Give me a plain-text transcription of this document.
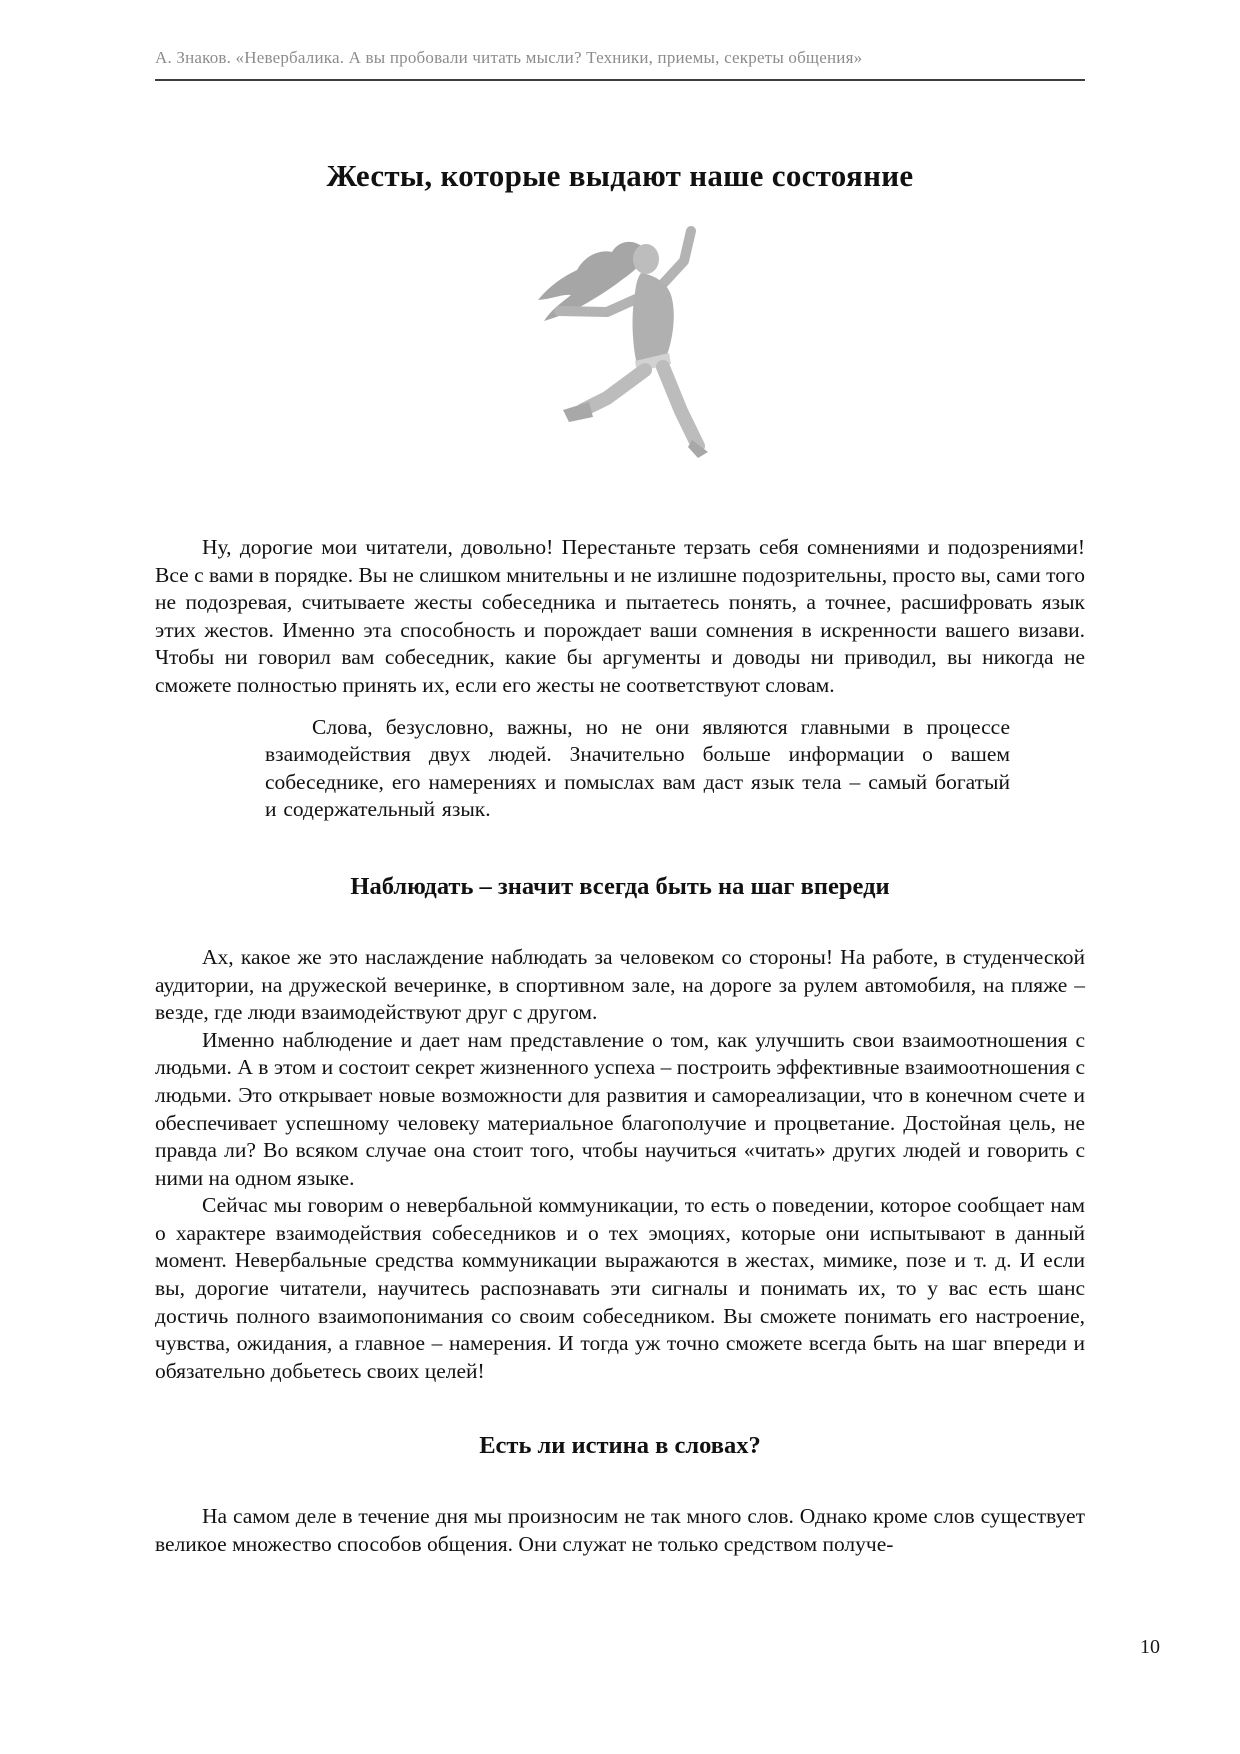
А. Знаков. «Невербалика. А вы пробовали читать мысли? Техники, приемы, секреты общения»
Жесты, которые выдают наше состояние

Ну, дорогие мои читатели, довольно! Перестаньте терзать себя сомнениями и подозрениями! Все с вами в порядке. Вы не слишком мнительны и не излишне подозрительны, просто вы, сами того не подозревая, считываете жесты собеседника и пытаетесь понять, а точнее, расшифровать язык этих жестов. Именно эта способность и порождает ваши сомнения в искренности вашего визави. Чтобы ни говорил вам собеседник, какие бы аргументы и доводы ни приводил, вы никогда не сможете полностью принять их, если его жесты не соответствуют словам.

Слова, безусловно, важны, но не они являются главными в процессе взаимодействия двух людей. Значительно больше информации о вашем собеседнике, его намерениях и помыслах вам даст язык тела – самый богатый и содержательный язык.

Наблюдать – значит всегда быть на шаг впереди

Ах, какое же это наслаждение наблюдать за человеком со стороны! На работе, в студенческой аудитории, на дружеской вечеринке, в спортивном зале, на дороге за рулем автомобиля, на пляже – везде, где люди взаимодействуют друг с другом.

Именно наблюдение и дает нам представление о том, как улучшить свои взаимоотношения с людьми. А в этом и состоит секрет жизненного успеха – построить эффективные взаимоотношения с людьми. Это открывает новые возможности для развития и самореализации, что в конечном счете и обеспечивает успешному человеку материальное благополучие и процветание. Достойная цель, не правда ли? Во всяком случае она стоит того, чтобы научиться «читать» других людей и говорить с ними на одном языке.

Сейчас мы говорим о невербальной коммуникации, то есть о поведении, которое сообщает нам о характере взаимодействия собеседников и о тех эмоциях, которые они испытывают в данный момент. Невербальные средства коммуникации выражаются в жестах, мимике, позе и т. д. И если вы, дорогие читатели, научитесь распознавать эти сигналы и понимать их, то у вас есть шанс достичь полного взаимопонимания со своим собеседником. Вы сможете понимать его настроение, чувства, ожидания, а главное – намерения. И тогда уж точно сможете всегда быть на шаг впереди и обязательно добьетесь своих целей!

Есть ли истина в словах?

На самом деле в течение дня мы произносим не так много слов. Однако кроме слов существует великое множество способов общения. Они служат не только средством получе-

10
